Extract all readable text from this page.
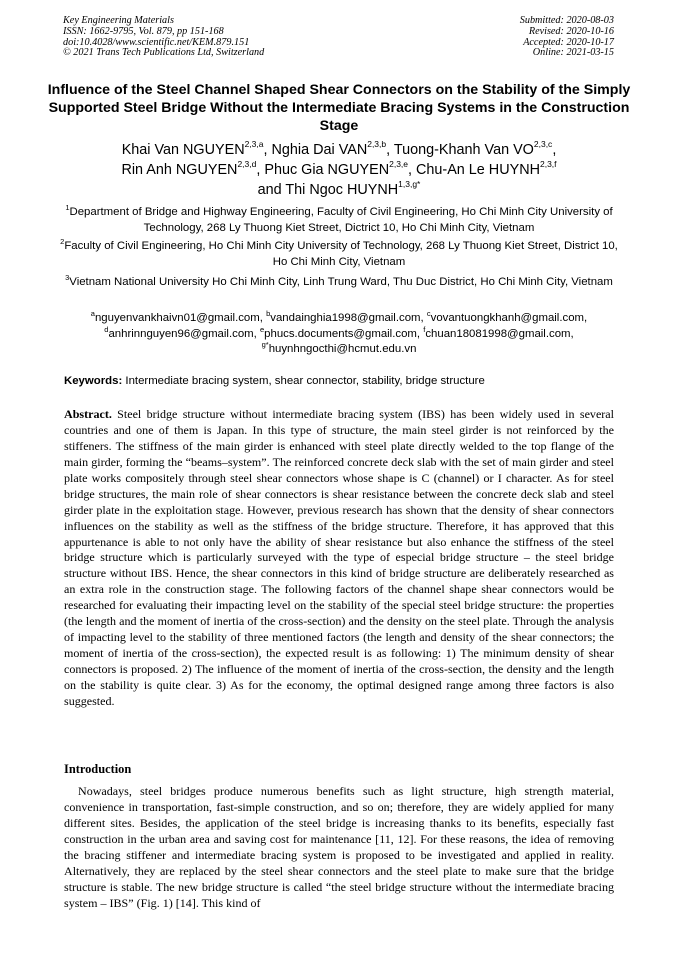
Key Engineering Materials
ISSN: 1662-9795, Vol. 879, pp 151-168
doi:10.4028/www.scientific.net/KEM.879.151
© 2021 Trans Tech Publications Ltd, Switzerland
Submitted: 2020-08-03
Revised: 2020-10-16
Accepted: 2020-10-17
Online: 2021-03-15
Influence of the Steel Channel Shaped Shear Connectors on the Stability of the Simply Supported Steel Bridge Without the Intermediate Bracing Systems in the Construction Stage
Khai Van NGUYEN$^{2,3,a}$, Nghia Dai VAN$^{2,3,b}$, Tuong-Khanh Van VO$^{2,3,c}$,
Rin Anh NGUYEN$^{2,3,d}$, Phuc Gia NGUYEN$^{2,3,e}$, Chu-An Le HUYNH$^{2,3,f}$
and Thi Ngoc $HUYNH^{1,3,g*}$
$^1$Department of Bridge and Highway Engineering, Faculty of Civil Engineering, Ho Chi Minh City University of Technology, 268 Ly Thuong Kiet Street, Dictrict 10, Ho Chi Minh City, Vietnam
$^2$Faculty of Civil Engineering, Ho Chi Minh City University of Technology, 268 Ly Thuong Kiet Street, District 10, Ho Chi Minh City, Vietnam
$^3$Vietnam National University Ho Chi Minh City, Linh Trung Ward, Thu Duc District, Ho Chi Minh City, Vietnam
$^a$nguyenvankhaivn01@gmail.com, $^b$vandainghia1998@gmail.com, $^c$vovantuongkhanh@gmail.com,
$^d$anhrinnguyen96@gmail.com, $^e$phucs.documents@gmail.com, $^f$chuan18081998@gmail.com,
$^{g*}$huynhngocthi@hcmut.edu.vn
Keywords: Intermediate bracing system, shear connector, stability, bridge structure

Abstract. Steel bridge structure without intermediate bracing system (IBS) has been widely used in several countries and one of them is Japan. In this type of structure, the main steel girder is not reinforced by the stiffeners. The stiffness of the main girder is enhanced with steel plate directly welded to the top flange of the main girder, forming the “beams–system”. The reinforced concrete deck slab with the set of main girder and steel plate works compositely through steel shear connectors whose shape is C (channel) or I character. As for steel bridge structures, the main role of shear connectors is shear resistance between the concrete deck slab and steel girder plate in the exploitation stage. However, previous research has shown that the density of shear connectors influences on the stability as well as the stiffness of the bridge structure. Therefore, it has approved that this appurtenance is able to not only have the ability of shear resistance but also enhance the stiffness of the steel bridge structure which is particularly surveyed with the type of especial bridge structure – the steel bridge structure without IBS. Hence, the shear connectors in this kind of bridge structure are deliberately researched as an extra role in the construction stage. The following factors of the channel shape shear connectors would be researched for evaluating their impacting level on the stability of the special steel bridge structure: the properties (the length and the moment of inertia of the cross-section) and the density on the steel plate. Through the analysis of impacting level to the stability of three mentioned factors (the length and density of the shear connectors; the moment of inertia of the cross-section), the expected result is as following: 1) The minimum density of shear connectors is proposed. 2) The influence of the moment of inertia of the cross-section, the density and the length on the stability is quite clear. 3) As for the economy, the optimal designed range among three factors is also suggested.

Introduction

Nowadays, steel bridges produce numerous benefits such as light structure, high strength material, convenience in transportation, fast-simple construction, and so on; therefore, they are widely applied for many different sites. Besides, the application of the steel bridge is increasing thanks to its benefits, especially fast construction in the urban area and saving cost for maintenance [11, 12]. For these reasons, the idea of removing the bracing stiffener and intermediate bracing system is proposed to be investigated and applied in reality. Alternatively, they are replaced by the steel shear connectors and the steel plate to make sure that the bridge structure is stable. The new bridge structure is called “the steel bridge structure without the intermediate bracing system – IBS” (Fig. 1) [14]. This kind of
